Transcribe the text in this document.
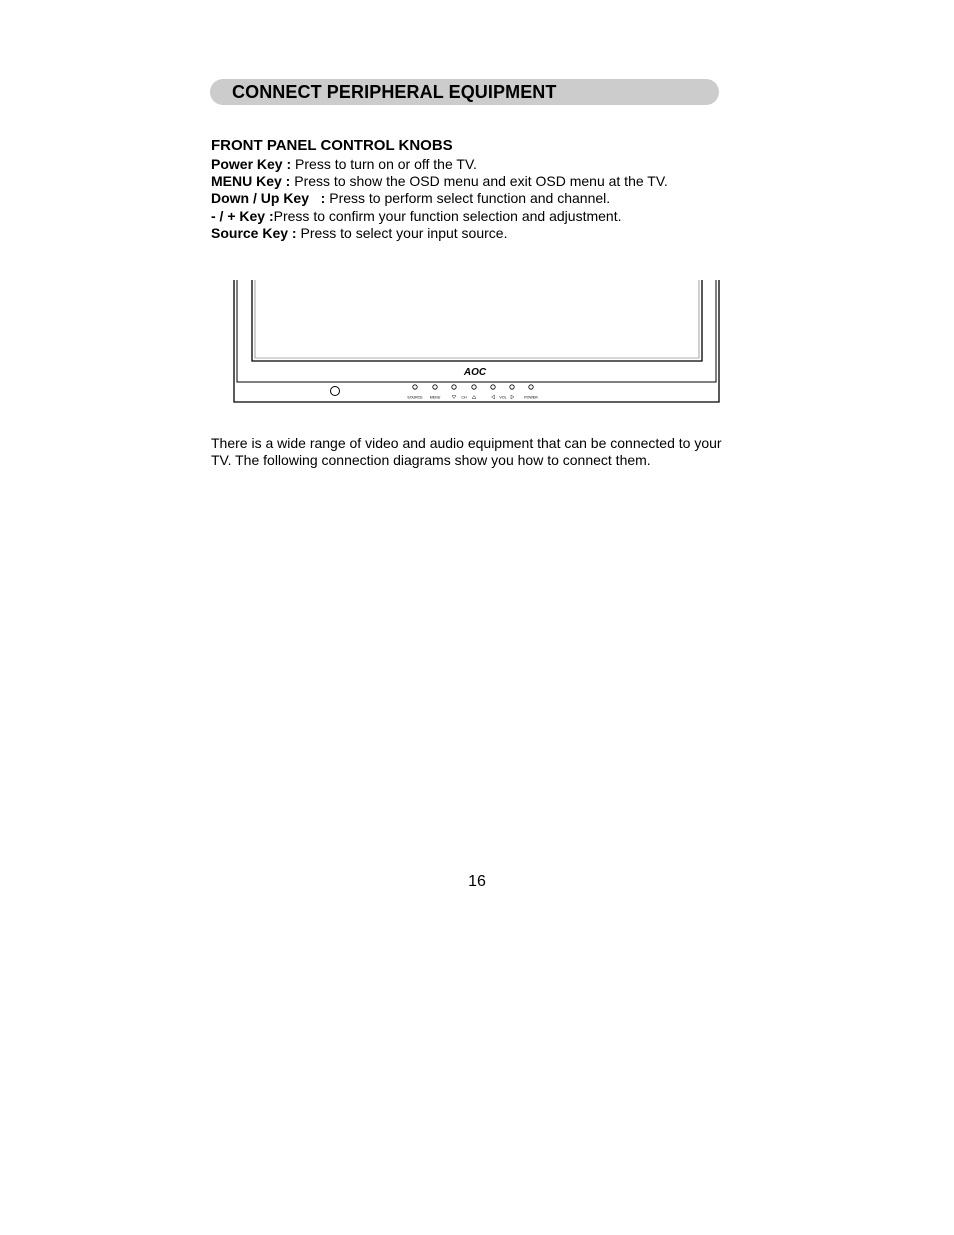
CONNECT PERIPHERAL EQUIPMENT
FRONT PANEL CONTROL KNOBS
Power Key : Press to turn on or off the TV.
MENU Key : Press to show the OSD menu and exit OSD menu at the TV.
Down / Up Key   : Press to perform select function and channel.
- / + Key :Press to confirm your function selection and adjustment.
Source Key : Press to select your input source.
AOC
SOURCE MENU	CH	VOL	POWER
There is a wide range of video and audio equipment that can be connected to your TV. The following connection diagrams show you how to connect them.
16
